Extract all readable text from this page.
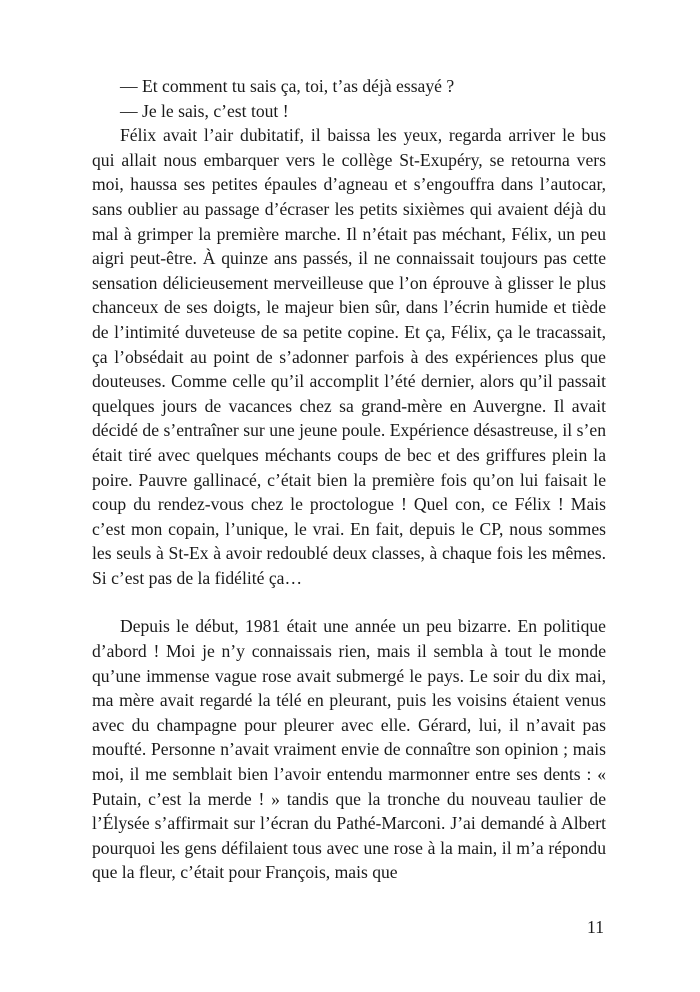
— Et comment tu sais ça, toi, t’as déjà essayé ?

— Je le sais, c’est tout !

Félix avait l’air dubitatif, il baissa les yeux, regarda arriver le bus qui allait nous embarquer vers le collège St-Exupéry, se retourna vers moi, haussa ses petites épaules d’agneau et s’engouffra dans l’autocar, sans oublier au passage d’écraser les petits sixièmes qui avaient déjà du mal à grimper la première marche. Il n’était pas méchant, Félix, un peu aigri peut-être. À quinze ans passés, il ne connaissait toujours pas cette sensation délicieusement merveilleuse que l’on éprouve à glisser le plus chanceux de ses doigts, le majeur bien sûr, dans l’écrin humide et tiède de l’intimité duveteuse de sa petite copine. Et ça, Félix, ça le tracassait, ça l’obsédait au point de s’adonner parfois à des expériences plus que douteuses. Comme celle qu’il accomplit l’été dernier, alors qu’il passait quelques jours de vacances chez sa grand-mère en Auvergne. Il avait décidé de s’entraîner sur une jeune poule. Expérience désastreuse, il s’en était tiré avec quelques méchants coups de bec et des griffures plein la poire. Pauvre gallinacé, c’était bien la première fois qu’on lui faisait le coup du rendez-vous chez le proctologue ! Quel con, ce Félix ! Mais c’est mon copain, l’unique, le vrai. En fait, depuis le CP, nous sommes les seuls à St-Ex à avoir redoublé deux classes, à chaque fois les mêmes. Si c’est pas de la fidélité ça…

Depuis le début, 1981 était une année un peu bizarre. En politique d’abord ! Moi je n’y connaissais rien, mais il sembla à tout le monde qu’une immense vague rose avait submergé le pays. Le soir du dix mai, ma mère avait regardé la télé en pleurant, puis les voisins étaient venus avec du champagne pour pleurer avec elle. Gérard, lui, il n’avait pas moufté. Personne n’avait vraiment envie de connaître son opinion ; mais moi, il me semblait bien l’avoir entendu marmonner entre ses dents : « Putain, c’est la merde ! » tandis que la tronche du nouveau taulier de l’Élysée s’affirmait sur l’écran du Pathé-Marconi. J’ai demandé à Albert pourquoi les gens défilaient tous avec une rose à la main, il m’a répondu que la fleur, c’était pour François, mais que

11
